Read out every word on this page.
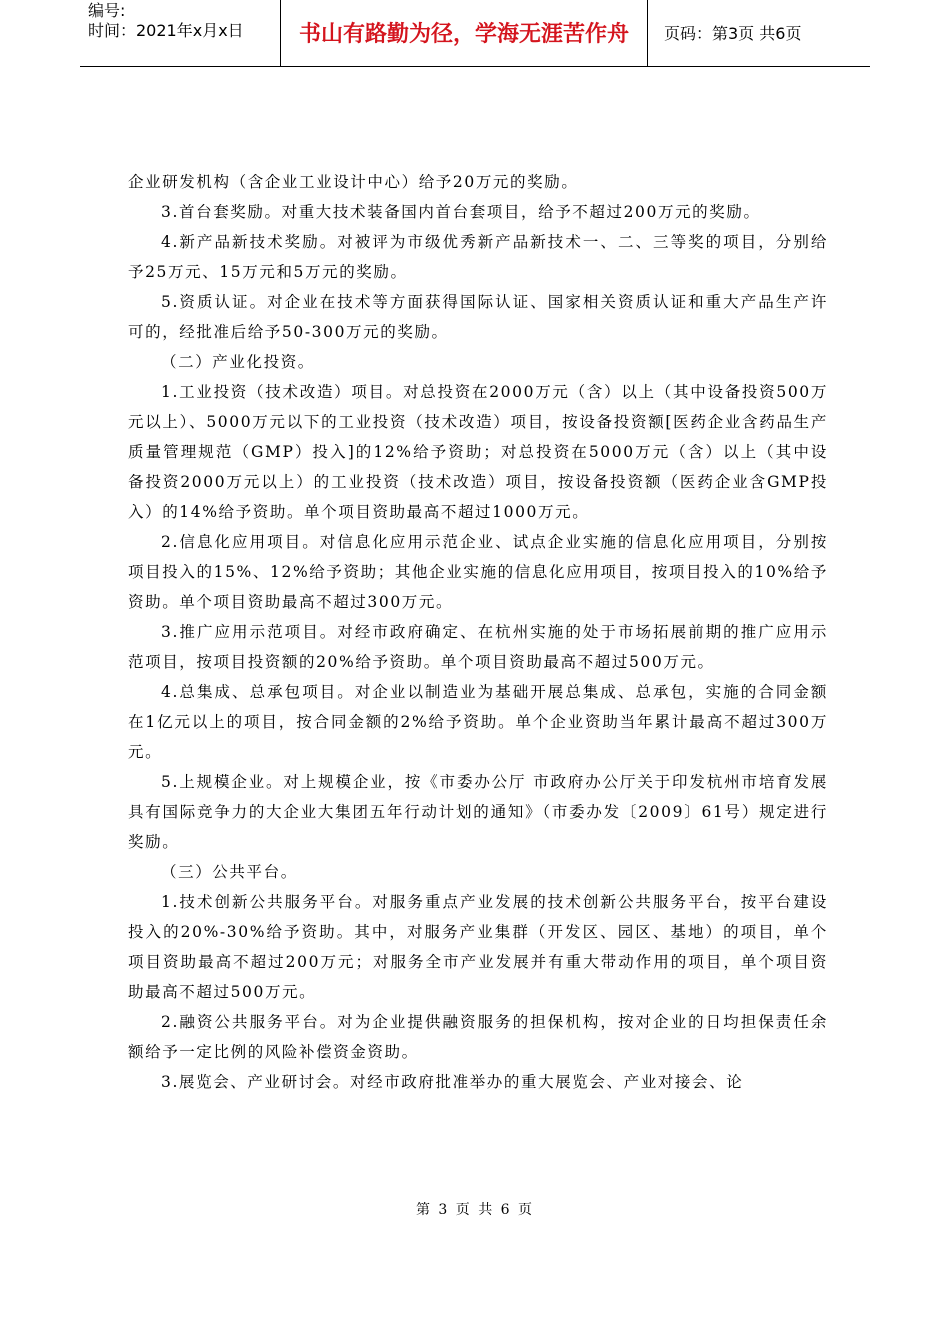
编号:
时间：2021年x月x日	书山有路勤为径，学海无涯苦作舟	页码：第3页 共6页

企业研发机构（含企业工业设计中心）给予20万元的奖励。

3.首台套奖励。对重大技术装备国内首台套项目，给予不超过200万元的奖励。

4.新产品新技术奖励。对被评为市级优秀新产品新技术一、二、三等奖的项目，分别给予25万元、15万元和5万元的奖励。

5.资质认证。对企业在技术等方面获得国际认证、国家相关资质认证和重大产品生产许可的，经批准后给予50-300万元的奖励。

（二）产业化投资。

1.工业投资（技术改造）项目。对总投资在2000万元（含）以上（其中设备投资500万元以上）、5000万元以下的工业投资（技术改造）项目，按设备投资额[医药企业含药品生产质量管理规范（GMP）投入]的12%给予资助；对总投资在5000万元（含）以上（其中设备投资2000万元以上）的工业投资（技术改造）项目，按设备投资额（医药企业含GMP投入）的14%给予资助。单个项目资助最高不超过1000万元。

2.信息化应用项目。对信息化应用示范企业、试点企业实施的信息化应用项目，分别按项目投入的15%、12%给予资助；其他企业实施的信息化应用项目，按项目投入的10%给予资助。单个项目资助最高不超过300万元。

3.推广应用示范项目。对经市政府确定、在杭州实施的处于市场拓展前期的推广应用示范项目，按项目投资额的20%给予资助。单个项目资助最高不超过500万元。

4.总集成、总承包项目。对企业以制造业为基础开展总集成、总承包，实施的合同金额在1亿元以上的项目，按合同金额的2%给予资助。单个企业资助当年累计最高不超过300万元。

5.上规模企业。对上规模企业，按《市委办公厅 市政府办公厅关于印发杭州市培育发展具有国际竞争力的大企业大集团五年行动计划的通知》（市委办发〔2009〕61号）规定进行奖励。

（三）公共平台。

1.技术创新公共服务平台。对服务重点产业发展的技术创新公共服务平台，按平台建设投入的20%-30%给予资助。其中，对服务产业集群（开发区、园区、基地）的项目，单个项目资助最高不超过200万元；对服务全市产业发展并有重大带动作用的项目，单个项目资助最高不超过500万元。

2.融资公共服务平台。对为企业提供融资服务的担保机构，按对企业的日均担保责任余额给予一定比例的风险补偿资金资助。

3.展览会、产业研讨会。对经市政府批准举办的重大展览会、产业对接会、论

第 3 页 共 6 页
